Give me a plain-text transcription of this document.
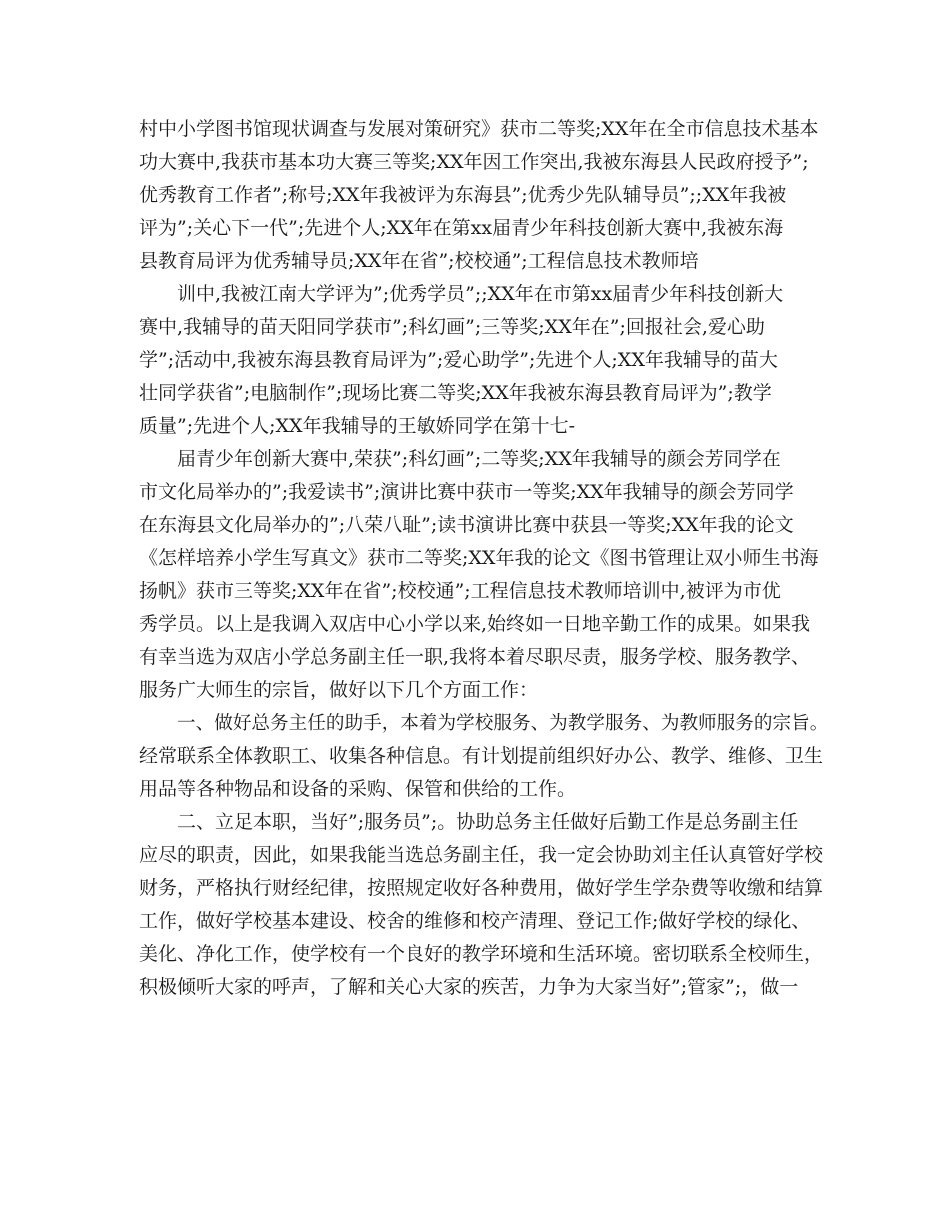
村中小学图书馆现状调查与发展对策研究》获市二等奖;XX年在全市信息技术基本
功大赛中,我获市基本功大赛三等奖;XX年因工作突出,我被东海县人民政府授予”;
优秀教育工作者”;称号;XX年我被评为东海县”;优秀少先队辅导员”;;XX年我被
评为”;关心下一代”;先进个人;XX年在第xx届青少年科技创新大赛中,我被东海
县教育局评为优秀辅导员;XX年在省”;校校通”;工程信息技术教师培
训中,我被江南大学评为”;优秀学员”;;XX年在市第xx届青少年科技创新大
赛中,我辅导的苗天阳同学获市”;科幻画”;三等奖;XX年在”;回报社会,爱心助
学”;活动中,我被东海县教育局评为”;爱心助学”;先进个人;XX年我辅导的苗大
壮同学获省”;电脑制作”;现场比赛二等奖;XX年我被东海县教育局评为”;教学
质量”;先进个人;XX年我辅导的王敏娇同学在第十七-
届青少年创新大赛中,荣获”;科幻画”;二等奖;XX年我辅导的颜会芳同学在
市文化局举办的”;我爱读书”;演讲比赛中获市一等奖;XX年我辅导的颜会芳同学
在东海县文化局举办的”;八荣八耻”;读书演讲比赛中获县一等奖;XX年我的论文
《怎样培养小学生写真文》获市二等奖;XX年我的论文《图书管理让双小师生书海
扬帆》获市三等奖;XX年在省”;校校通”;工程信息技术教师培训中,被评为市优
秀学员。以上是我调入双店中心小学以来,始终如一日地辛勤工作的成果。如果我
有幸当选为双店小学总务副主任一职,我将本着尽职尽责，服务学校、服务教学、
服务广大师生的宗旨，做好以下几个方面工作：
一、做好总务主任的助手，本着为学校服务、为教学服务、为教师服务的宗旨。
经常联系全体教职工、收集各种信息。有计划提前组织好办公、教学、维修、卫生
用品等各种物品和设备的采购、保管和供给的工作。
二、立足本职，当好”;服务员”;。协助总务主任做好后勤工作是总务副主任
应尽的职责，因此，如果我能当选总务副主任，我一定会协助刘主任认真管好学校
财务，严格执行财经纪律，按照规定收好各种费用，做好学生学杂费等收缴和结算
工作，做好学校基本建设、校舍的维修和校产清理、登记工作;做好学校的绿化、
美化、净化工作，使学校有一个良好的教学环境和生活环境。密切联系全校师生，
积极倾听大家的呼声，了解和关心大家的疾苦，力争为大家当好”;管家”;，做一
